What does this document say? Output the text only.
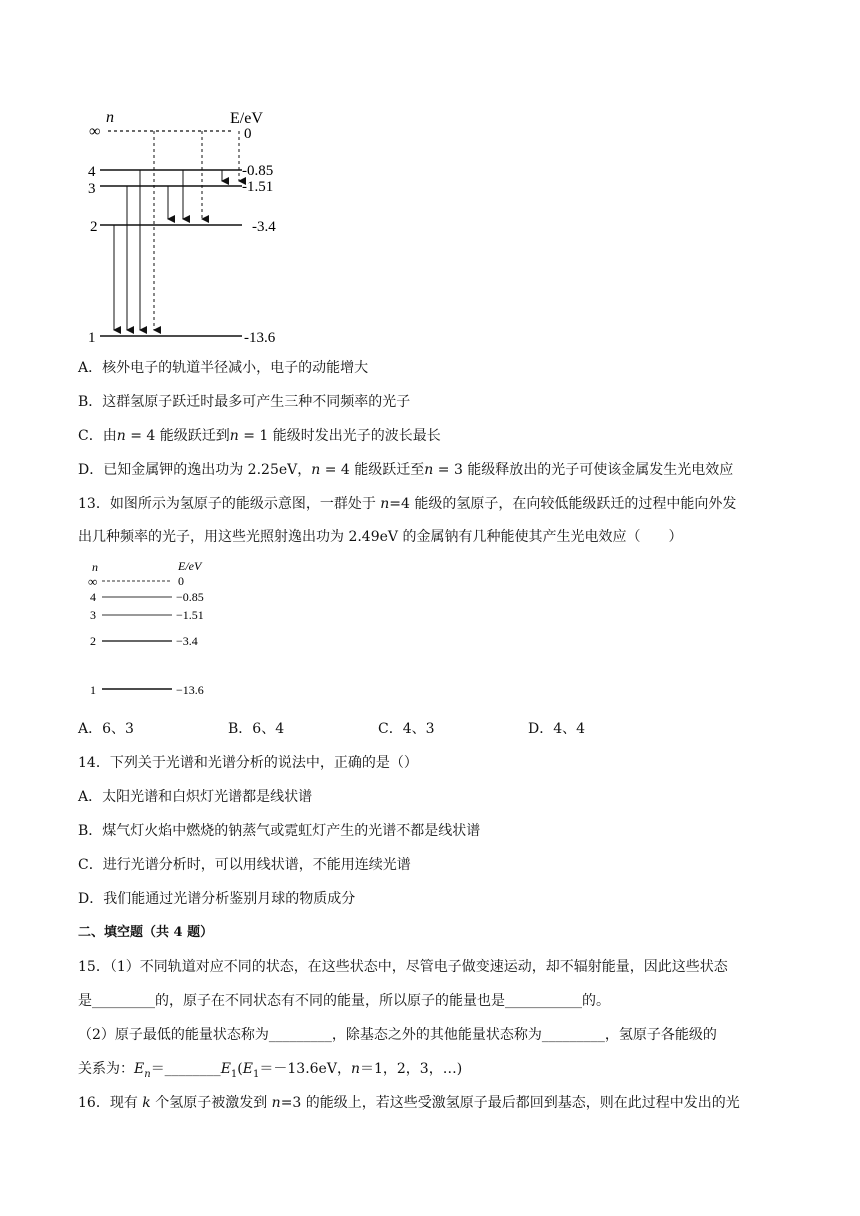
n	E/eV
∞	0
4	-0.85
3	-1.51
2	-3.4
1	-13.6
A．核外电子的轨道半径减小，电子的动能增大
B．这群氢原子跃迁时最多可产生三种不同频率的光子
C．由n = 4 能级跃迁到n = 1 能级时发出光子的波长最长
D．已知金属钾的逸出功为 2.25eV，n = 4 能级跃迁至n = 3 能级释放出的光子可使该金属发生光电效应
13．如图所示为氢原子的能级示意图，一群处于 n=4 能级的氢原子，在向较低能级跃迁的过程中能向外发
出几种频率的光子，用这些光照射逸出功为 2.49eV 的金属钠有几种能使其产生光电效应（　　）
n	E/eV
∞	0
4	−0.85
3	−1.51
2	−3.4
1	−13.6
A．6、3	B．6、4	C．4、3	D．4、4
14．下列关于光谱和光谱分析的说法中，正确的是（）
A．太阳光谱和白炽灯光谱都是线状谱
B．煤气灯火焰中燃烧的钠蒸气或霓虹灯产生的光谱不都是线状谱
C．进行光谱分析时，可以用线状谱，不能用连续光谱
D．我们能通过光谱分析鉴别月球的物质成分
二、填空题（共 4 题）
15．（1）不同轨道对应不同的状态，在这些状态中，尽管电子做变速运动，却不辐射能量，因此这些状态
是_________的，原子在不同状态有不同的能量，所以原子的能量也是___________的。
（2）原子最低的能量状态称为_________，除基态之外的其他能量状态称为_________，氢原子各能级的
关系为：$E_n=\_\_\_\_\_\_\_\_E_1(E_1=-13.6eV$，n＝1，2，3，…)
16．现有 k 个氢原子被激发到 n=3 的能级上，若这些受激氢原子最后都回到基态，则在此过程中发出的光
